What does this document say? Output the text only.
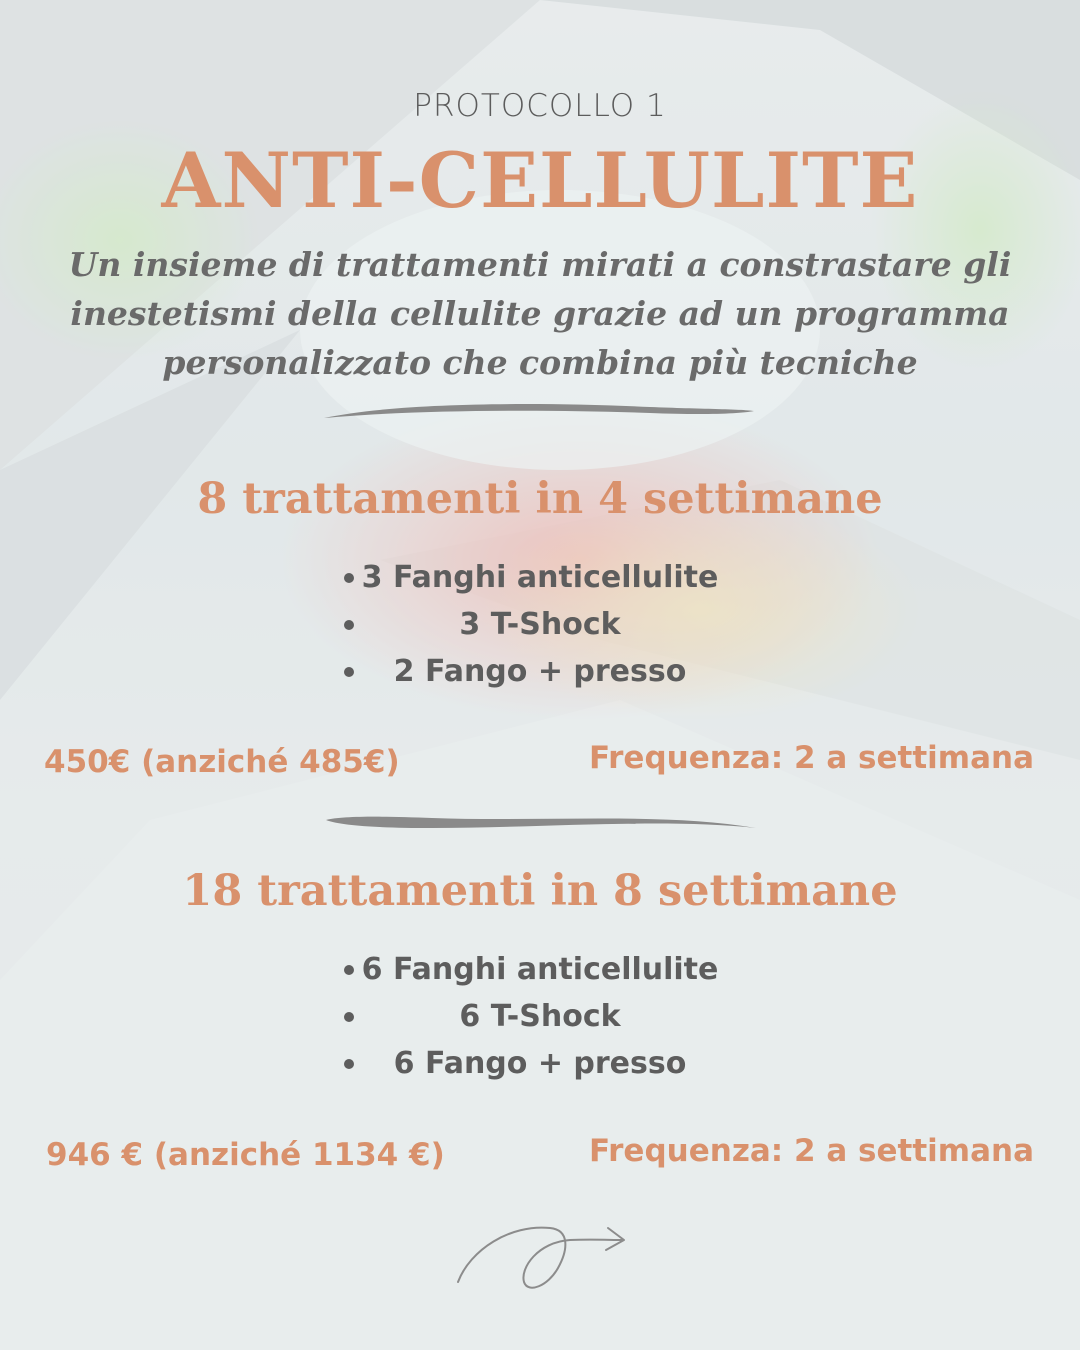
PROTOCOLLO 1
ANTI-CELLULITE
Un insieme di trattamenti mirati a constrastare gli
inestetismi della cellulite grazie ad un programma
personalizzato che combina più tecniche
8 trattamenti in 4 settimane
3 Fanghi anticellulite
3 T-Shock
2 Fango + presso
450€ (anziché 485€)	Frequenza: 2 a settimana
18 trattamenti in 8 settimane
6 Fanghi anticellulite
6 T-Shock
6 Fango + presso
946 € (anziché 1134 €)	Frequenza: 2 a settimana
